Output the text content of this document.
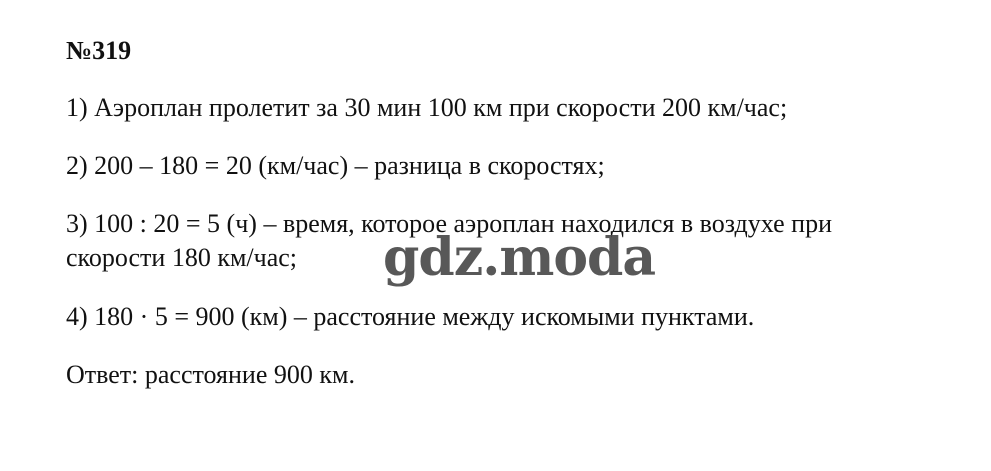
№319

1) Аэроплан пролетит за 30 мин 100 км при скорости 200 км/час;

2) 200 – 180 = 20 (км/час) – разница в скоростях;

3) 100 : 20 = 5 (ч) – время, которое аэроплан находился в воздухе при

скорости 180 км/час;

4) 180 · 5 = 900 (км) – расстояние между искомыми пунктами.

Ответ: расстояние 900 км.

gdz.moda
